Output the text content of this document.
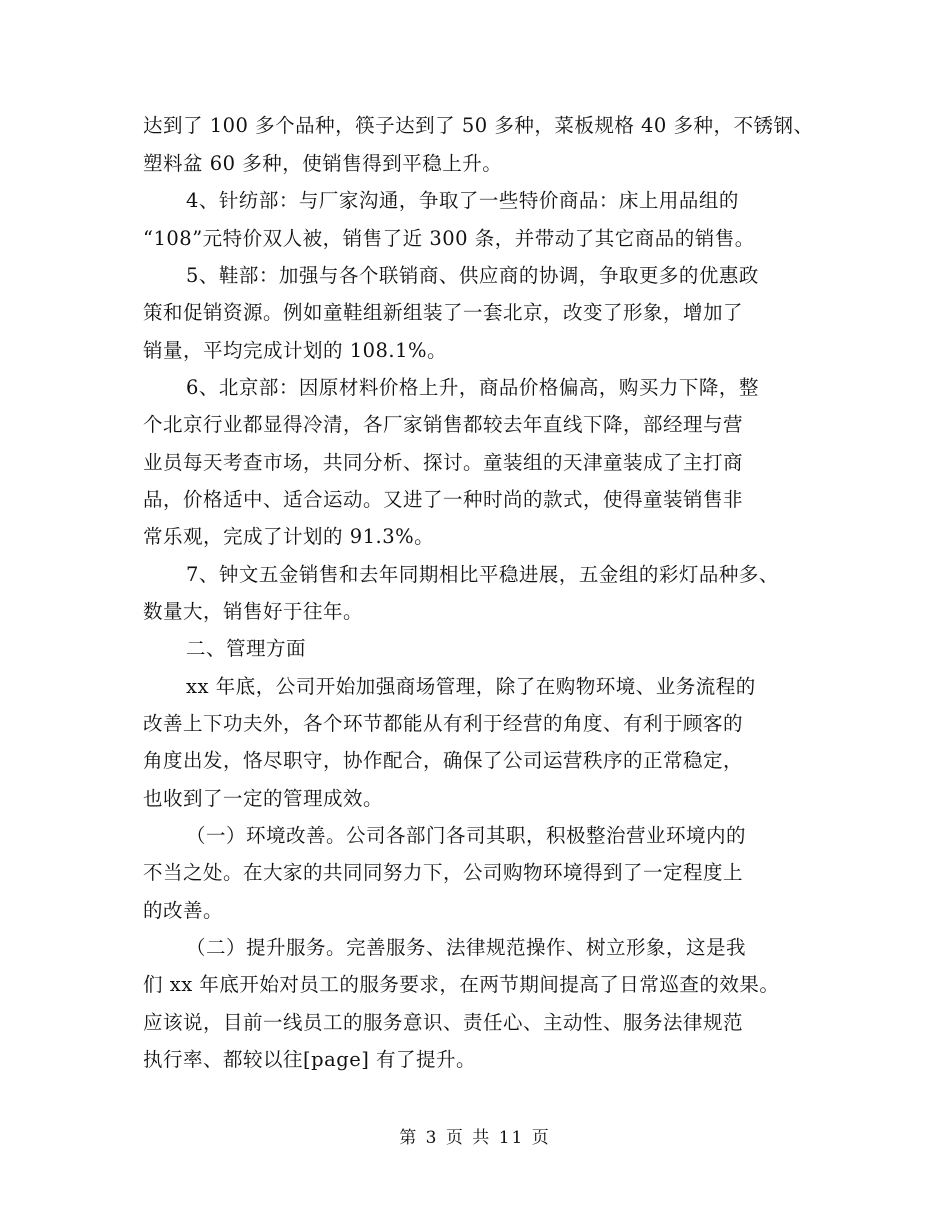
达到了 100 多个品种，筷子达到了 50 多种，菜板规格 40 多种，不锈钢、
塑料盆 60 多种，使销售得到平稳上升。
4、针纺部：与厂家沟通，争取了一些特价商品：床上用品组的
“108”元特价双人被，销售了近 300 条，并带动了其它商品的销售。
5、鞋部：加强与各个联销商、供应商的协调，争取更多的优惠政
策和促销资源。例如童鞋组新组装了一套北京，改变了形象，增加了
销量，平均完成计划的 108.1%。
6、北京部：因原材料价格上升，商品价格偏高，购买力下降，整
个北京行业都显得冷清，各厂家销售都较去年直线下降，部经理与营
业员每天考查市场，共同分析、探讨。童装组的天津童装成了主打商
品，价格适中、适合运动。又进了一种时尚的款式，使得童装销售非
常乐观，完成了计划的 91.3%。
7、钟文五金销售和去年同期相比平稳进展，五金组的彩灯品种多、
数量大，销售好于往年。
二、管理方面
xx 年底，公司开始加强商场管理，除了在购物环境、业务流程的
改善上下功夫外，各个环节都能从有利于经营的角度、有利于顾客的
角度出发，恪尽职守，协作配合，确保了公司运营秩序的正常稳定，
也收到了一定的管理成效。
（一）环境改善。公司各部门各司其职，积极整治营业环境内的
不当之处。在大家的共同同努力下，公司购物环境得到了一定程度上
的改善。
（二）提升服务。完善服务、法律规范操作、树立形象，这是我
们 xx 年底开始对员工的服务要求，在两节期间提高了日常巡查的效果。
应该说，目前一线员工的服务意识、责任心、主动性、服务法律规范
执行率、都较以往[page] 有了提升。
第 3 页 共 11 页
